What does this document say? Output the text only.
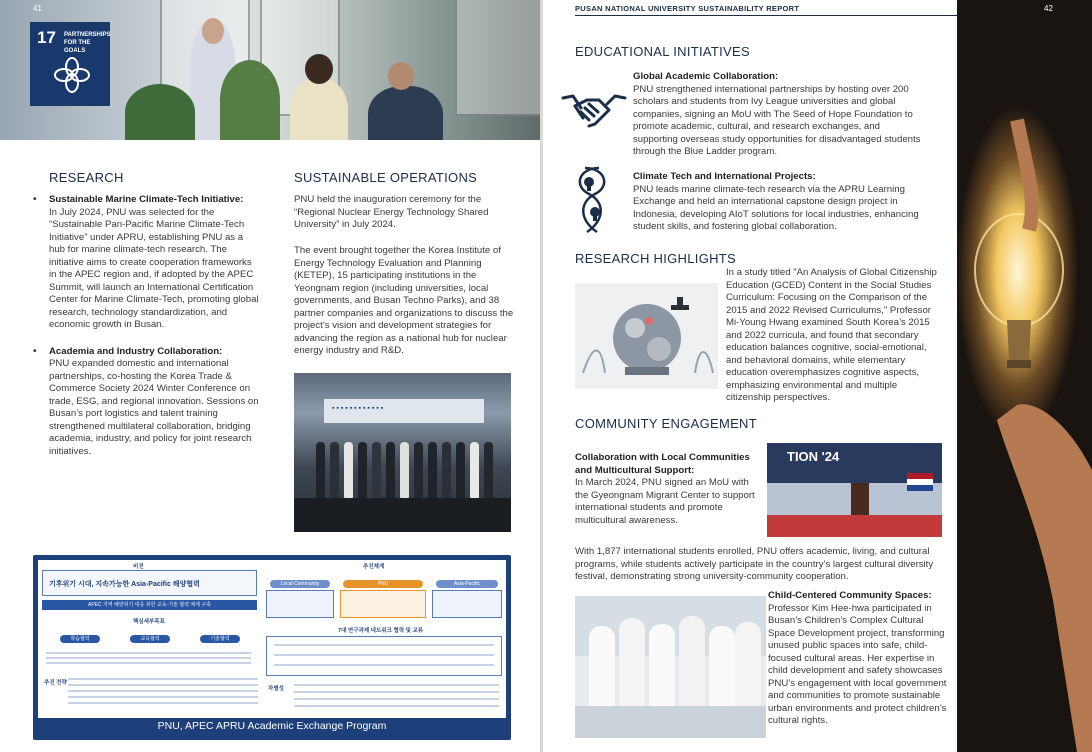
41
17 PARTNERSHIPS
FOR THE GOALS
RESEARCH
• Sustainable Marine Climate-Tech Initiative:
In July 2024, PNU was selected for the “Sustainable Pan-Pacific Marine Climate-Tech Initiative” under APRU, establishing PNU as a hub for marine climate-tech research. The initiative aims to create cooperation frameworks in the APEC region and, if adopted by the APEC Summit, will launch an International Certification Center for Marine Climate-Tech, promoting global research, technology standardization, and economic growth in Busan.
• Academia and Industry Collaboration:
PNU expanded domestic and international partnerships, co-hosting the Korea Trade & Commerce Society 2024 Winter Conference on trade, ESG, and regional innovation. Sessions on Busan’s port logistics and talent training strengthened multilateral collaboration, bridging academia, industry, and policy for joint research initiatives.
SUSTAINABLE OPERATIONS

PNU held the inauguration ceremony for the “Regional Nuclear Energy Technology Shared University” in July 2024.

The event brought together the Korea Institute of Energy Technology Evaluation and Planning (KETEP), 15 participating institutions in the Yeongnam region (including universities, local governments, and Busan Techno Parks), and 38 partner companies and organizations to discuss the project’s vision and development strategies for advancing the region as a national hub for nuclear energy industry and R&D.

▪ ▪ ▪ ▪ ▪ ▪ ▪ ▪ ▪ ▪ ▪ ▪
비전	추진체계
기후위기 시대, 지속가능한 Asia-Pacific 해양협력
APEC 지역 해양위기 대응 위한 교육·기술 협력 체계 구축
핵심세부목표
학습협력	교육협력	기술협력
추진 전략
Local Community	PNU	Asia-Pacific
7대 연구과제 네트워크 협력 및 교류
차별성
PNU, APEC APRU Academic Exchange Program
PUSAN NATIONAL UNIVERSITY SUSTAINABILITY REPORT
EDUCATIONAL INITIATIVES
Global Academic Collaboration:
PNU strengthened international partnerships by hosting over 200 scholars and students from Ivy League universities and global companies, signing an MoU with The Seed of Hope Foundation to promote academic, cultural, and research exchanges, and supporting overseas study opportunities for disadvantaged students through the Blue Ladder program.
Climate Tech and International Projects:
PNU leads marine climate-tech research via the APRU Learning Exchange and held an international capstone design project in Indonesia, developing AIoT solutions for local industries, enhancing student skills, and fostering global collaboration.
RESEARCH HIGHLIGHTS

In a study titled "An Analysis of Global Citizenship Education (GCED) Content in the Social Studies Curriculum: Focusing on the Comparison of the 2015 and 2022 Revised Curriculums," Professor Mi-Young Hwang examined South Korea’s 2015 and 2022 curricula, and found that secondary education balances cognitive, social-emotional, and behavioral domains, while elementary education overemphasizes cognitive aspects, emphasizing environmental and multiple citizenship perspectives.

COMMUNITY ENGAGEMENT
Collaboration with Local Communities and Multicultural Support:
In March 2024, PNU signed an MoU with the Gyeongnam Migrant Center to support international students and promote multicultural awareness.
TION '24

With 1,877 international students enrolled, PNU offers academic, living, and cultural programs, while students actively participate in the country’s largest cultural diversity festival, demonstrating strong university-community cooperation.

Child-Centered Community Spaces:
Professor Kim Hee-hwa participated in Busan’s Children’s Complex Cultural Space Development project, transforming unused public spaces into safe, child-focused cultural areas. Her expertise in child development and safety showcases PNU’s engagement with local government and communities to promote sustainable urban environments and protect children’s cultural rights.
42
